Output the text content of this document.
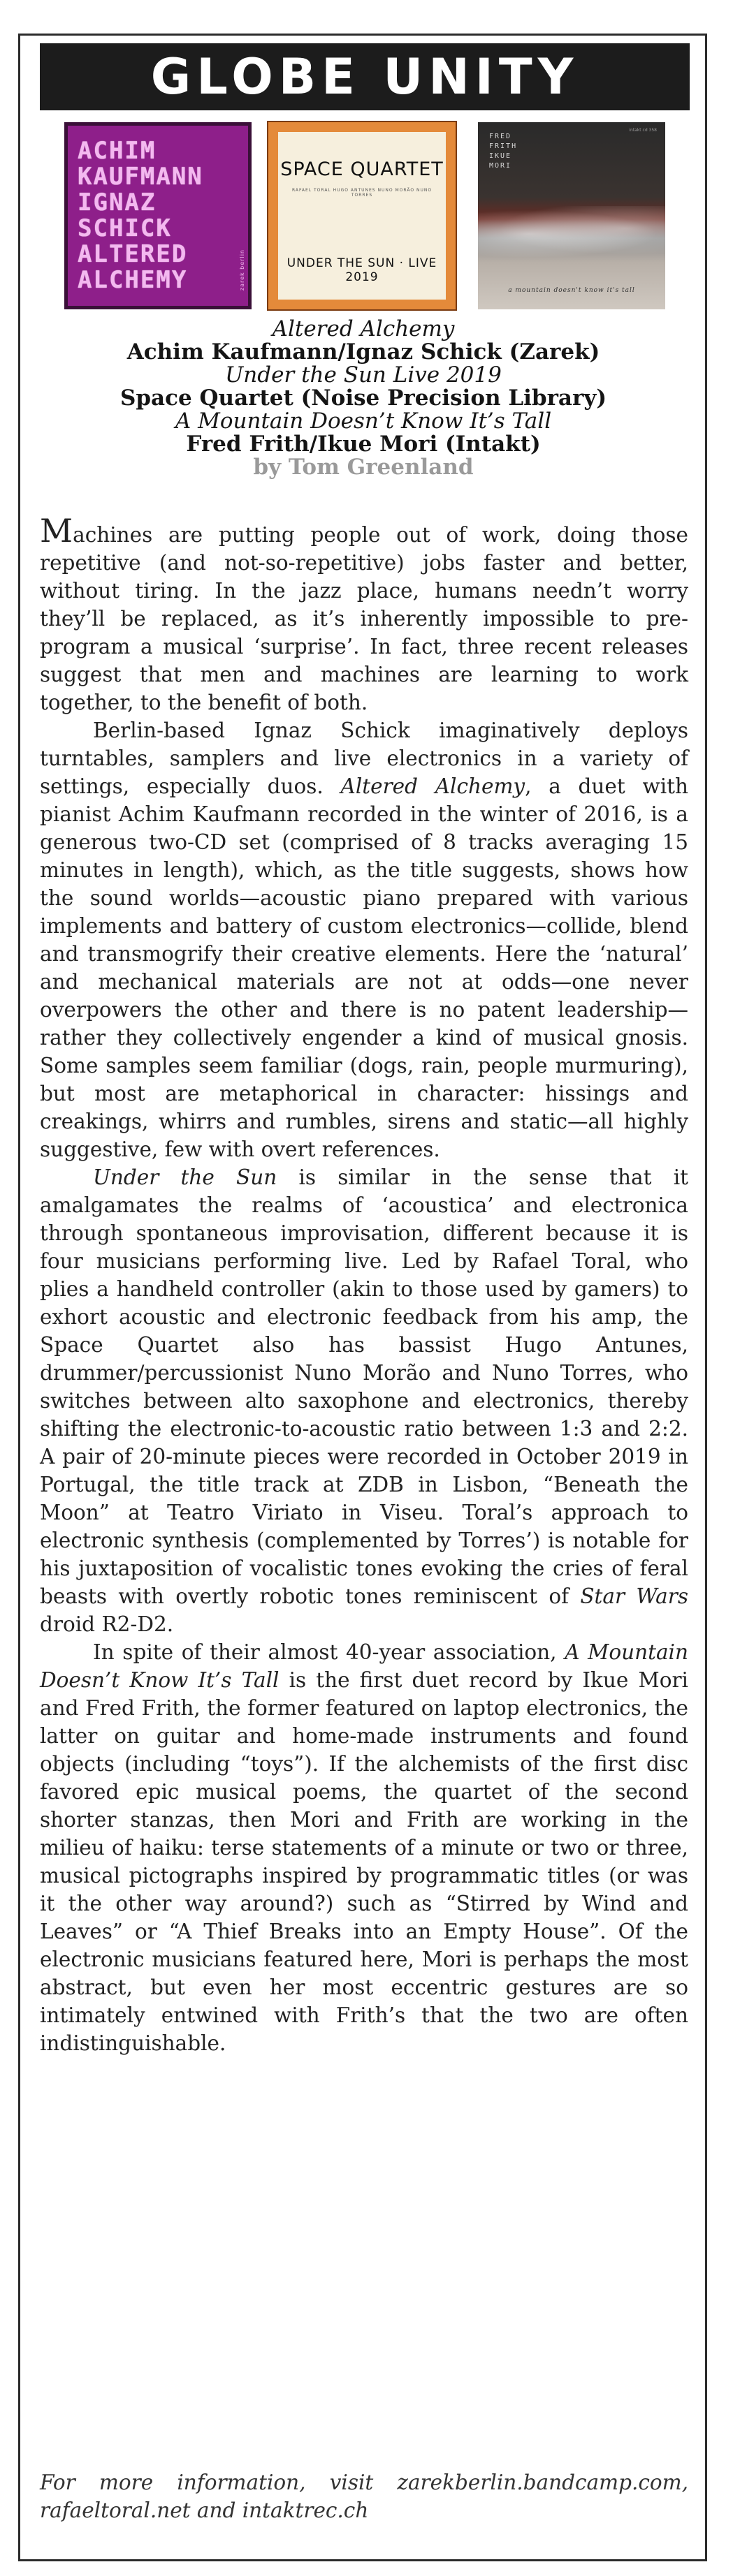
GLOBE UNITY
ACHIM
KAUFMANN
IGNAZ
SCHICK
ALTERED
ALCHEMY	zarek berlin
SPACE QUARTET
RAFAEL TORAL HUGO ANTUNES NUNO MORÃO NUNO TORRES
UNDER THE SUN · LIVE 2019
intakt cd 358
FRED
FRITH
IKUE
MORI
a mountain doesn't know it's tall
Altered Alchemy
Achim Kaufmann/Ignaz Schick (Zarek)
Under the Sun Live 2019
Space Quartet (Noise Precision Library)
A Mountain Doesn’t Know It’s Tall
Fred Frith/Ikue Mori (Intakt)
by Tom Greenland

Machines are putting people out of work, doing those repetitive (and not-so-repetitive) jobs faster and better, without tiring. In the jazz place, humans needn’t worry they’ll be replaced, as it’s inherently impossible to pre-program a musical ‘surprise’. In fact, three recent releases suggest that men and machines are learning to work together, to the benefit of both.

Berlin-based Ignaz Schick imaginatively deploys turntables, samplers and live electronics in a variety of settings, especially duos. Altered Alchemy, a duet with pianist Achim Kaufmann recorded in the winter of 2016, is a generous two-CD set (comprised of 8 tracks averaging 15 minutes in length), which, as the title suggests, shows how the sound worlds—acoustic piano prepared with various implements and battery of custom electronics—collide, blend and transmogrify their creative elements. Here the ‘natural’ and mechanical materials are not at odds—one never overpowers the other and there is no patent leadership—rather they collectively engender a kind of musical gnosis. Some samples seem familiar (dogs, rain, people murmuring), but most are metaphorical in character: hissings and creakings, whirrs and rumbles, sirens and static—all highly suggestive, few with overt references.

Under the Sun is similar in the sense that it amalgamates the realms of ‘acoustica’ and electronica through spontaneous improvisation, different because it is four musicians performing live. Led by Rafael Toral, who plies a handheld controller (akin to those used by gamers) to exhort acoustic and electronic feedback from his amp, the Space Quartet also has bassist Hugo Antunes, drummer/percussionist Nuno Morão and Nuno Torres, who switches between alto saxophone and electronics, thereby shifting the electronic-to-acoustic ratio between 1:3 and 2:2. A pair of 20-minute pieces were recorded in October 2019 in Portugal, the title track at ZDB in Lisbon, “Beneath the Moon” at Teatro Viriato in Viseu. Toral’s approach to electronic synthesis (complemented by Torres’) is notable for his juxtaposition of vocalistic tones evoking the cries of feral beasts with overtly robotic tones reminiscent of Star Wars droid R2-D2.

In spite of their almost 40-year association, A Mountain Doesn’t Know It’s Tall is the first duet record by Ikue Mori and Fred Frith, the former featured on laptop electronics, the latter on guitar and home-made instruments and found objects (including “toys”). If the alchemists of the first disc favored epic musical poems, the quartet of the second shorter stanzas, then Mori and Frith are working in the milieu of haiku: terse statements of a minute or two or three, musical pictographs inspired by programmatic titles (or was it the other way around?) such as “Stirred by Wind and Leaves” or “A Thief Breaks into an Empty House”. Of the electronic musicians featured here, Mori is perhaps the most abstract, but even her most eccentric gestures are so intimately entwined with Frith’s that the two are often indistinguishable.

For more information, visit zarekberlin.bandcamp.com, rafaeltoral.net and intaktrec.ch
